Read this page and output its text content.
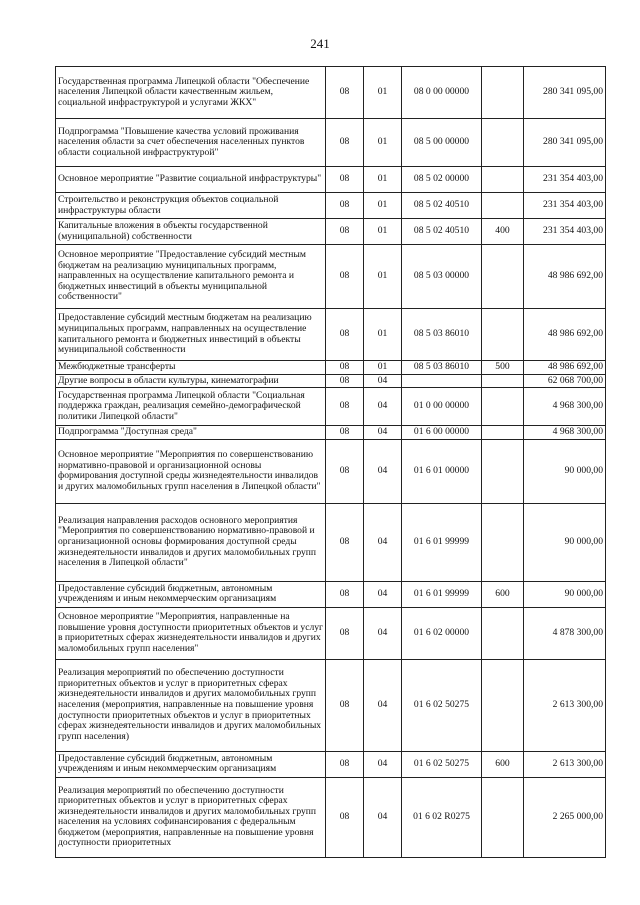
241
Государственная программа Липецкой области "Обеспечение населения Липецкой области качественным жильем, социальной инфраструктурой и услугами ЖКХ"	08	01	08 0 00 00000		280 341 095,00
Подпрограмма "Повышение качества условий проживания населения области за счет обеспечения населенных пунктов области социальной инфраструктурой"	08	01	08 5 00 00000		280 341 095,00
Основное мероприятие "Развитие социальной инфраструктуры"	08	01	08 5 02 00000		231 354 403,00
Строительство и реконструкция объектов социальной инфраструктуры области	08	01	08 5 02 40510		231 354 403,00
Капитальные вложения в объекты государственной (муниципальной) собственности	08	01	08 5 02 40510	400	231 354 403,00
Основное мероприятие "Предоставление субсидий местным бюджетам на реализацию муниципальных программ, направленных на осуществление капитального ремонта и бюджетных инвестиций в объекты муниципальной собственности"	08	01	08 5 03 00000		48 986 692,00
Предоставление субсидий местным бюджетам на реализацию муниципальных программ, направленных на осуществление капитального ремонта и бюджетных инвестиций в объекты муниципальной собственности	08	01	08 5 03 86010		48 986 692,00
Межбюджетные трансферты	08	01	08 5 03 86010	500	48 986 692,00
Другие вопросы в области культуры, кинематографии	08	04			62 068 700,00
Государственная программа Липецкой области "Социальная поддержка граждан, реализация семейно-демографической политики Липецкой области"	08	04	01 0 00 00000		4 968 300,00
Подпрограмма "Доступная среда"	08	04	01 6 00 00000		4 968 300,00
Основное мероприятие "Мероприятия по совершенствованию нормативно-правовой и организационной основы формирования доступной среды жизнедеятельности инвалидов и других маломобильных групп населения в Липецкой области"	08	04	01 6 01 00000		90 000,00
Реализация направления расходов основного мероприятия "Мероприятия по совершенствованию нормативно-правовой и организационной основы формирования доступной среды жизнедеятельности инвалидов и других маломобильных групп населения в Липецкой области"	08	04	01 6 01 99999		90 000,00
Предоставление субсидий бюджетным, автономным учреждениям и иным некоммерческим организациям	08	04	01 6 01 99999	600	90 000,00
Основное мероприятие "Мероприятия, направленные на повышение уровня доступности приоритетных объектов и услуг в приоритетных сферах жизнедеятельности инвалидов и других маломобильных групп населения"	08	04	01 6 02 00000		4 878 300,00
Реализация мероприятий по обеспечению доступности приоритетных объектов и услуг в приоритетных сферах жизнедеятельности инвалидов и других маломобильных групп населения (мероприятия, направленные на повышение уровня доступности приоритетных объектов и услуг в приоритетных сферах жизнедеятельности инвалидов и других маломобильных групп населения)	08	04	01 6 02 50275		2 613 300,00
Предоставление субсидий бюджетным, автономным учреждениям и иным некоммерческим организациям	08	04	01 6 02 50275	600	2 613 300,00
Реализация мероприятий по обеспечению доступности приоритетных объектов и услуг в приоритетных сферах жизнедеятельности инвалидов и других маломобильных групп населения на условиях софинансирования с федеральным бюджетом (мероприятия, направленные на повышение уровня доступности приоритетных	08	04	01 6 02 R0275		2 265 000,00
